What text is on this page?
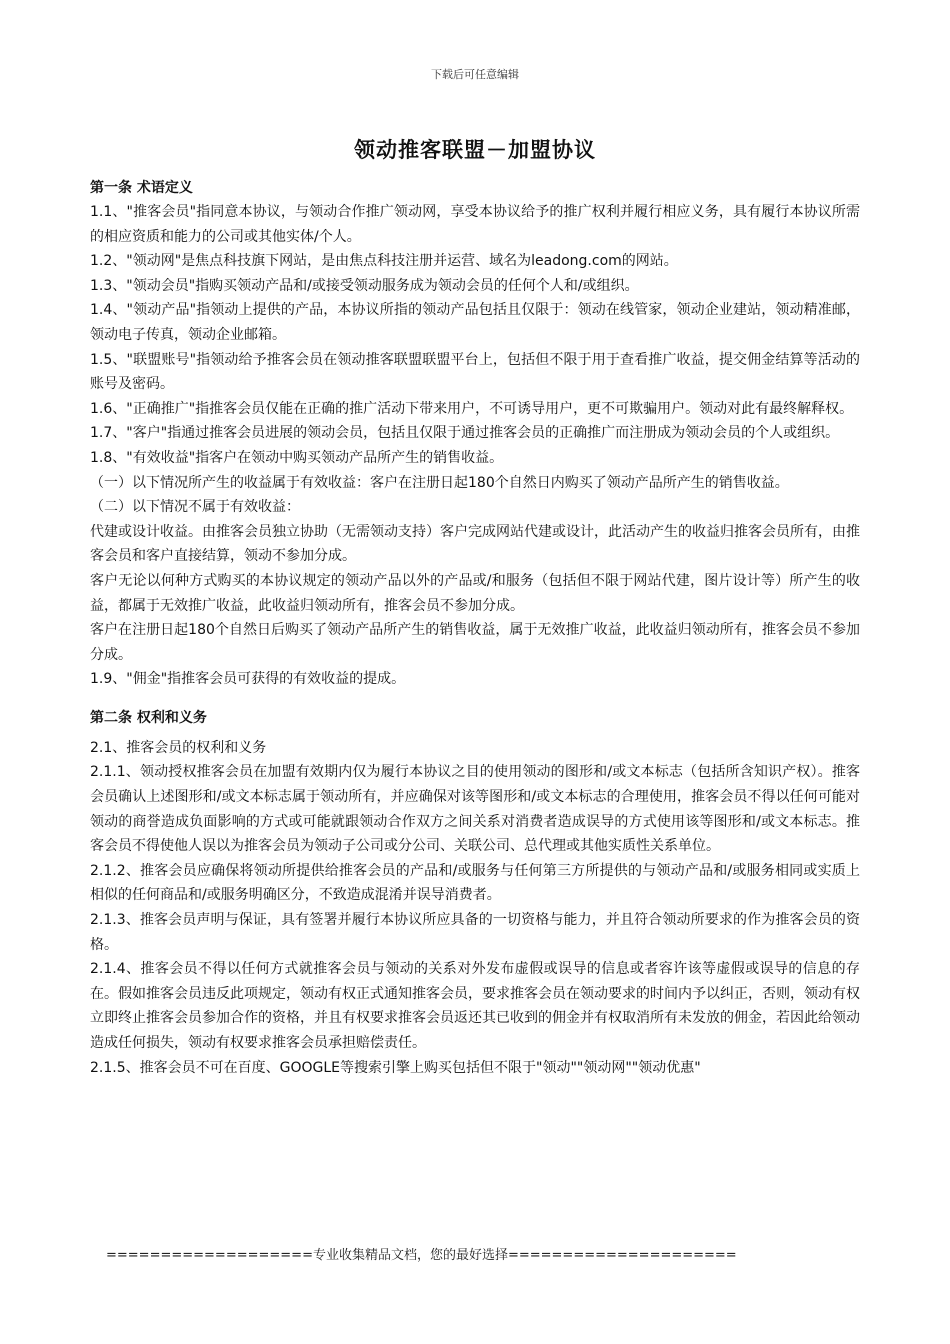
下载后可任意编辑
领动推客联盟－加盟协议
第一条 术语定义

1.1、"推客会员"指同意本协议，与领动合作推广领动网，享受本协议给予的推广权利并履行相应义务，具有履行本协议所需的相应资质和能力的公司或其他实体/个人。

1.2、"领动网"是焦点科技旗下网站，是由焦点科技注册并运营、域名为leadong.com的网站。

1.3、"领动会员"指购买领动产品和/或接受领动服务成为领动会员的任何个人和/或组织。

1.4、"领动产品"指领动上提供的产品，本协议所指的领动产品包括且仅限于：领动在线管家，领动企业建站，领动精准邮，领动电子传真，领动企业邮箱。

1.5、"联盟账号"指领动给予推客会员在领动推客联盟联盟平台上，包括但不限于用于查看推广收益，提交佣金结算等活动的账号及密码。

1.6、"正确推广"指推客会员仅能在正确的推广活动下带来用户，不可诱导用户，更不可欺骗用户。领动对此有最终解释权。

1.7、"客户"指通过推客会员进展的领动会员，包括且仅限于通过推客会员的正确推广而注册成为领动会员的个人或组织。

1.8、"有效收益"指客户在领动中购买领动产品所产生的销售收益。

（一）以下情况所产生的收益属于有效收益：客户在注册日起180个自然日内购买了领动产品所产生的销售收益。

（二）以下情况不属于有效收益：

代建或设计收益。由推客会员独立协助（无需领动支持）客户完成网站代建或设计，此活动产生的收益归推客会员所有，由推客会员和客户直接结算，领动不参加分成。

客户无论以何种方式购买的本协议规定的领动产品以外的产品或/和服务（包括但不限于网站代建，图片设计等）所产生的收益，都属于无效推广收益，此收益归领动所有，推客会员不参加分成。

客户在注册日起180个自然日后购买了领动产品所产生的销售收益，属于无效推广收益，此收益归领动所有，推客会员不参加分成。

1.9、"佣金"指推客会员可获得的有效收益的提成。

第二条 权利和义务

2.1、推客会员的权利和义务

2.1.1、领动授权推客会员在加盟有效期内仅为履行本协议之目的使用领动的图形和/或文本标志（包括所含知识产权）。推客会员确认上述图形和/或文本标志属于领动所有，并应确保对该等图形和/或文本标志的合理使用，推客会员不得以任何可能对领动的商誉造成负面影响的方式或可能就跟领动合作双方之间关系对消费者造成误导的方式使用该等图形和/或文本标志。推客会员不得使他人误以为推客会员为领动子公司或分公司、关联公司、总代理或其他实质性关系单位。

2.1.2、推客会员应确保将领动所提供给推客会员的产品和/或服务与任何第三方所提供的与领动产品和/或服务相同或实质上相似的任何商品和/或服务明确区分，不致造成混淆并误导消费者。

2.1.3、推客会员声明与保证，具有签署并履行本协议所应具备的一切资格与能力，并且符合领动所要求的作为推客会员的资格。

2.1.4、推客会员不得以任何方式就推客会员与领动的关系对外发布虚假或误导的信息或者容许该等虚假或误导的信息的存在。假如推客会员违反此项规定，领动有权正式通知推客会员，要求推客会员在领动要求的时间内予以纠正，否则，领动有权立即终止推客会员参加合作的资格，并且有权要求推客会员返还其已收到的佣金并有权取消所有未发放的佣金，若因此给领动造成任何损失，领动有权要求推客会员承担赔偿责任。

2.1.5、推客会员不可在百度、GOOGLE等搜索引擎上购买包括但不限于"领动""领动网""领动优惠"

===================专业收集精品文档，您的最好选择=====================
